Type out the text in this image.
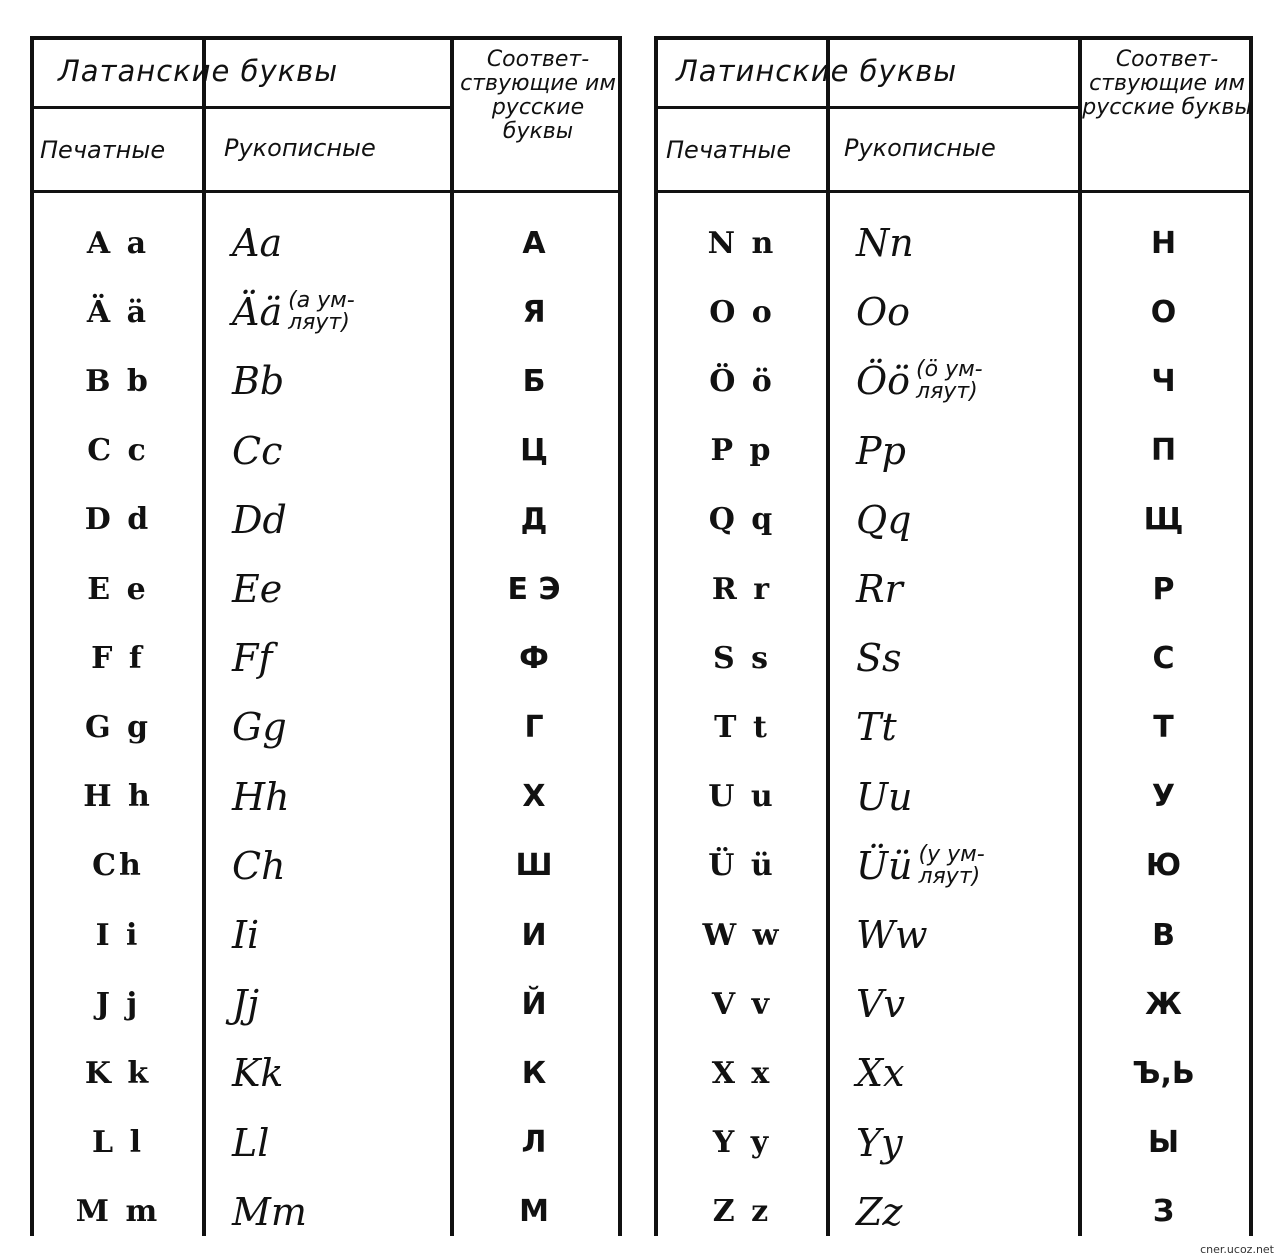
Латанские буквы
Печатные Рукописные
Соответ- ствующие им русские буквы
A a	Aa	А
Ä ä	Ää (а ум- ляут)	Я
B b	Bb	Б
C c	Cc	Ц
D d	Dd	Д
E e	Ee	Е Э
F f	Ff	Ф
G g	Gg	Г
H h	Hh	Х
Ch	Ch	Ш
I i	Ii	И
J j	Jj	Й
K k	Kk	К
L l	Ll	Л
M m	Mm	М
Латинские буквы
Печатные Рукописные
Соответ- ствующие им русские буквы
N n	Nn	Н
O o	Oo	О
Ö ö	Öö (ö ум- ляут)	Ч
P p	Pp	П
Q q	Qq	Щ
R r	Rr	Р
S s	Ss	С
T t	Tt	Т
U u	Uu	У
Ü ü	Üü (у ум- ляут)	Ю
W w	Ww	В
V v	Vv	Ж
X x	Xx	Ъ,Ь
Y y	Yy	Ы
Z z	Zz	З
cner.ucoz.net
